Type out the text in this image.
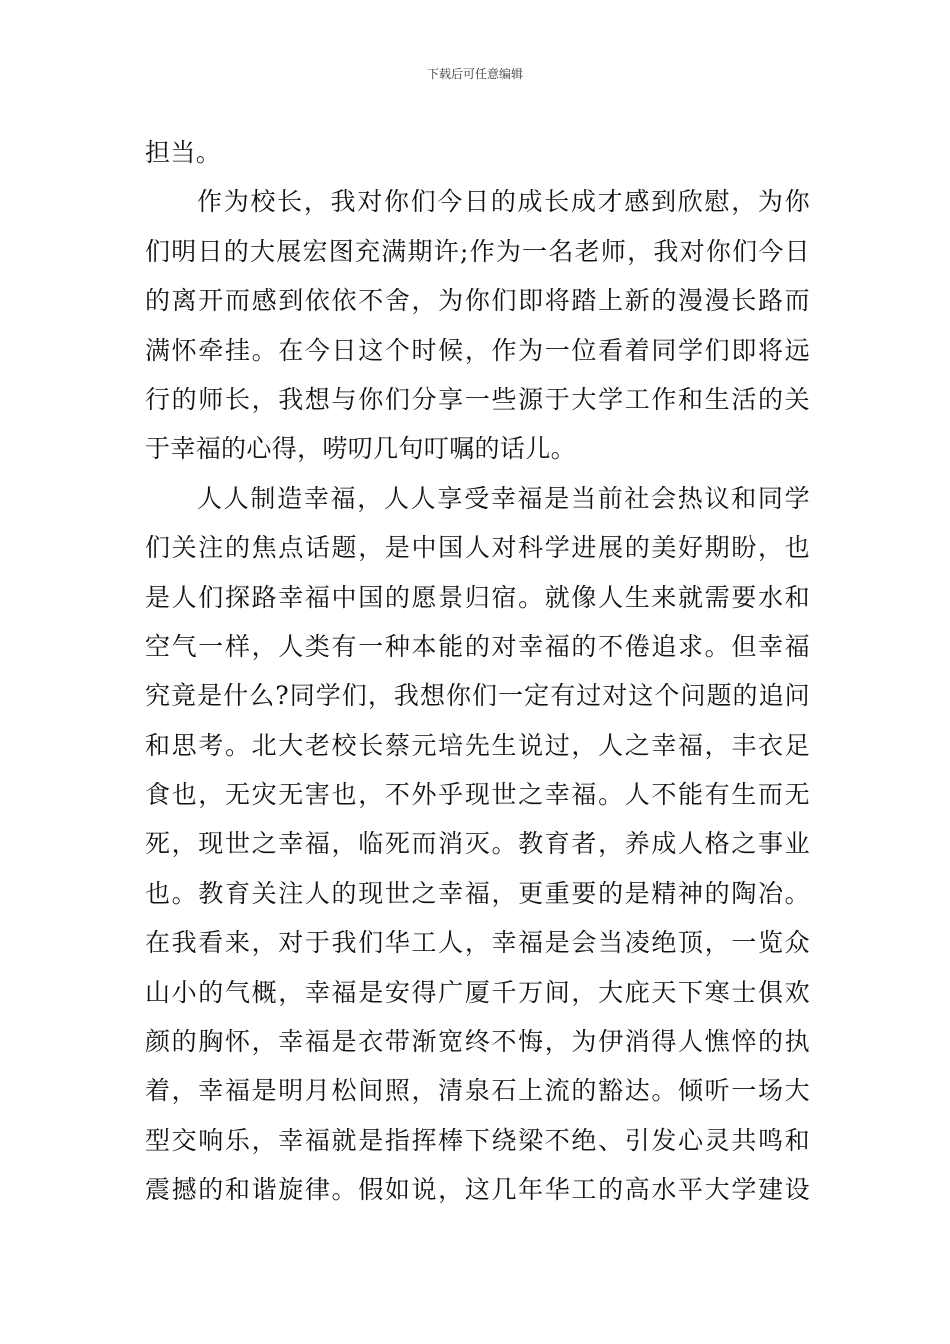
下载后可任意编辑
担当。
作为校长，我对你们今日的成长成才感到欣慰，为你
们明日的大展宏图充满期许;作为一名老师，我对你们今日
的离开而感到依依不舍，为你们即将踏上新的漫漫长路而
满怀牵挂。在今日这个时候，作为一位看着同学们即将远
行的师长，我想与你们分享一些源于大学工作和生活的关
于幸福的心得，唠叨几句叮嘱的话儿。
人人制造幸福，人人享受幸福是当前社会热议和同学
们关注的焦点话题，是中国人对科学进展的美好期盼，也
是人们探路幸福中国的愿景归宿。就像人生来就需要水和
空气一样，人类有一种本能的对幸福的不倦追求。但幸福
究竟是什么?同学们，我想你们一定有过对这个问题的追问
和思考。北大老校长蔡元培先生说过，人之幸福，丰衣足
食也，无灾无害也，不外乎现世之幸福。人不能有生而无
死，现世之幸福，临死而消灭。教育者，养成人格之事业
也。教育关注人的现世之幸福，更重要的是精神的陶冶。
在我看来，对于我们华工人，幸福是会当凌绝顶，一览众
山小的气概，幸福是安得广厦千万间，大庇天下寒士俱欢
颜的胸怀，幸福是衣带渐宽终不悔，为伊消得人憔悴的执
着，幸福是明月松间照，清泉石上流的豁达。倾听一场大
型交响乐，幸福就是指挥棒下绕梁不绝、引发心灵共鸣和
震撼的和谐旋律。假如说，这几年华工的高水平大学建设
